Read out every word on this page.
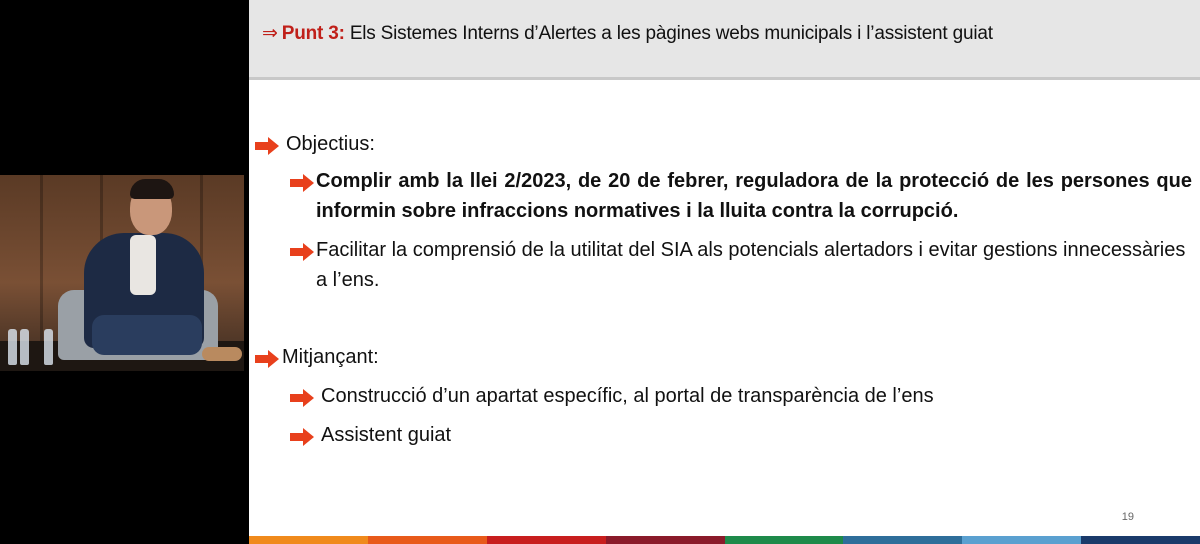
⇒ Punt 3: Els Sistemes Interns d’Alertes a les pàgines webs municipals i l’assistent guiat
Objectius:
Complir amb la llei 2/2023, de 20 de febrer, reguladora de la protecció de les persones que informin sobre infraccions normatives i la lluita contra la corrupció.
Facilitar la comprensió de la utilitat del SIA als potencials alertadors i evitar gestions innecessàries a l’ens.
Mitjançant:
Construcció d’un apartat específic, al portal de transparència de l’ens
Assistent guiat
19
